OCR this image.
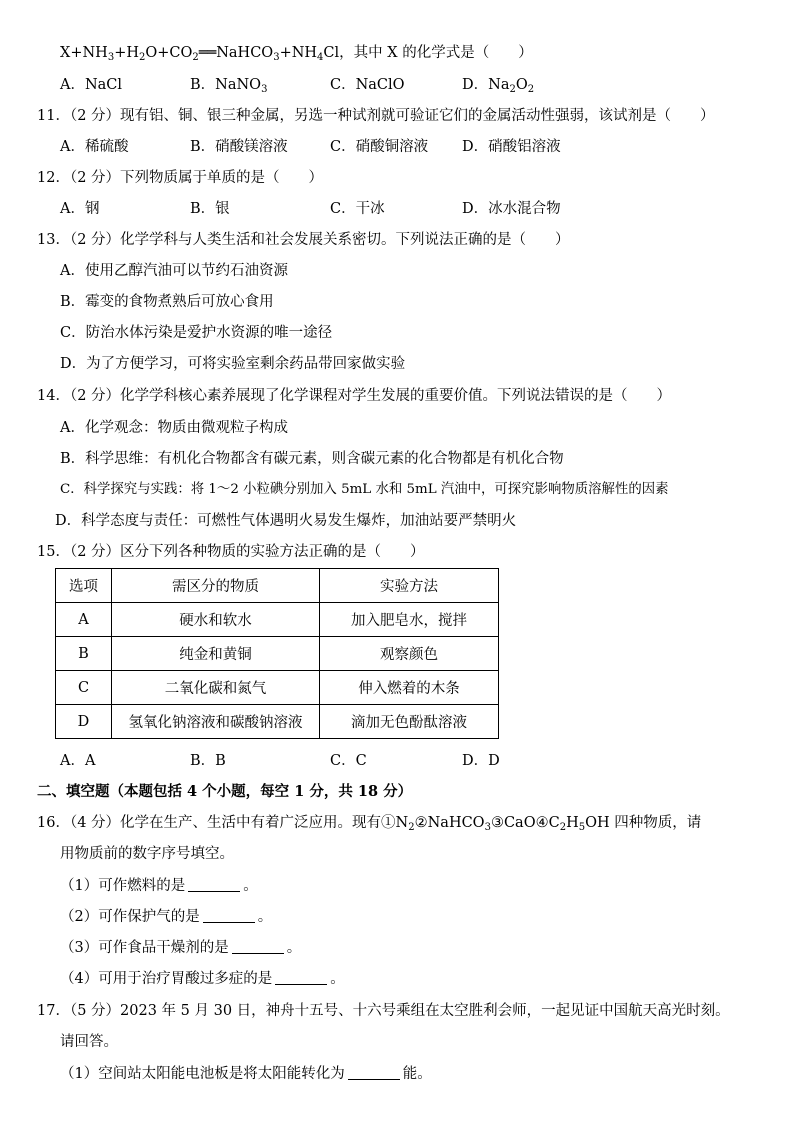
$X+NH_3+H_2O+CO_2══NaHCO_3+NH_4Cl$，其中 X 的化学式是（　　）
A．NaCl	B．NaNO$_3$	C．NaClO	D．$Na_2O_2$
11．（2 分）现有铝、铜、银三种金属，另选一种试剂就可验证它们的金属活动性强弱，该试剂是（　　）
A．稀硫酸	B．硝酸镁溶液	C．硝酸铜溶液 D．硝酸铝溶液
12．（2 分）下列物质属于单质的是（　　）
A．钢	B．银	C．干冰	D．冰水混合物
13．（2 分）化学学科与人类生活和社会发展关系密切。下列说法正确的是（　　）
A．使用乙醇汽油可以节约石油资源
B．霉变的食物煮熟后可放心食用
C．防治水体污染是爱护水资源的唯一途径
D．为了方便学习，可将实验室剩余药品带回家做实验
14．（2 分）化学学科核心素养展现了化学课程对学生发展的重要价值。下列说法错误的是（　　）
A．化学观念：物质由微观粒子构成
B．科学思维：有机化合物都含有碳元素，则含碳元素的化合物都是有机化合物
C．科学探究与实践：将 1～2 小粒碘分别加入 5mL 水和 5mL 汽油中，可探究影响物质溶解性的因素
D．科学态度与责任：可燃性气体遇明火易发生爆炸，加油站要严禁明火
15．（2 分）区分下列各种物质的实验方法正确的是（　　）
选项	需区分的物质	实验方法
A	硬水和软水	加入肥皂水，搅拌
B	纯金和黄铜	观察颜色
C	二氧化碳和氮气	伸入燃着的木条
D	氢氧化钠溶液和碳酸钠溶液	滴加无色酚酞溶液
A．A	B．B	C．C	D．D
二、填空题（本题包括 4 个小题，每空 1 分，共 18 分）
16．（4 分）化学在生产、生活中有着广泛应用。现有$①N_2②NaHCO_3③CaO④C_2H_5OH$ 四种物质，请
用物质前的数字序号填空。
（1）可作燃料的是	。
（2）可作保护气的是	。
（3）可作食品干燥剂的是	。
（4）可用于治疗胃酸过多症的是	。
17．（5 分）2023 年 5 月 30 日，神舟十五号、十六号乘组在太空胜利会师，一起见证中国航天高光时刻。
请回答。
（1）空间站太阳能电池板是将太阳能转化为	能。
